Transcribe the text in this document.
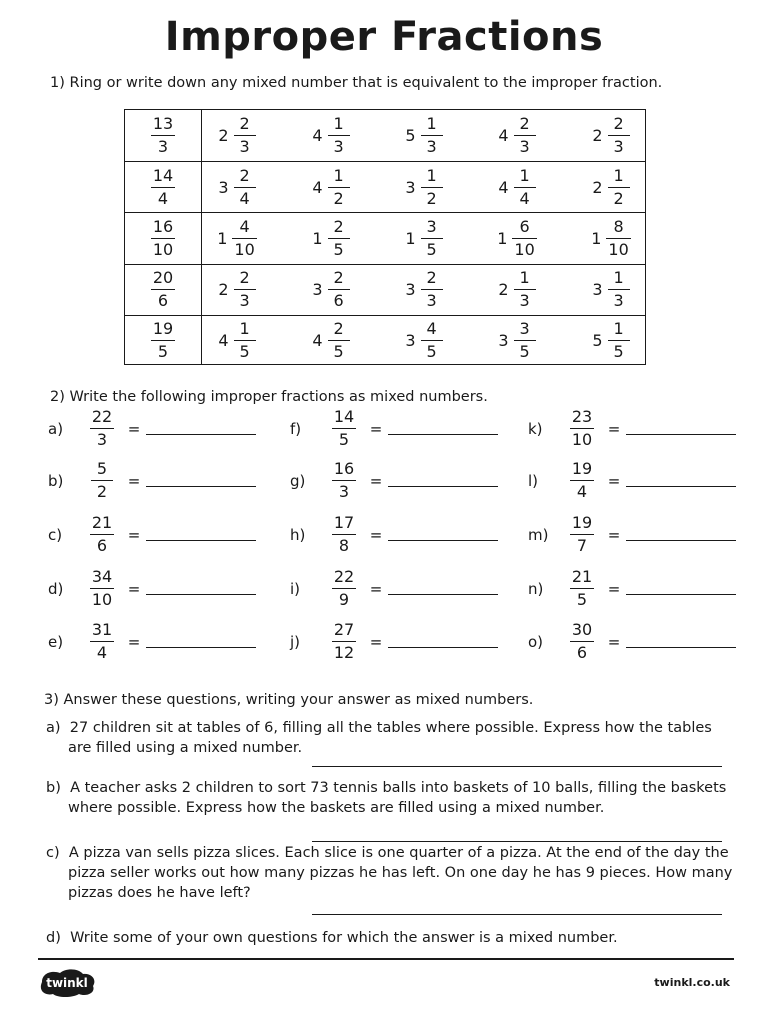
Improper Fractions
1) Ring or write down any mixed number that is equivalent to the improper fraction.
$\frac{13}{3}$	$2 \frac{2}{3}$	$4 \frac{1}{3}$	$5 \frac{1}{3}$	$4 \frac{2}{3}$	$2 \frac{2}{3}$
$\frac{14}{4}$	$3 \frac{2}{4}$	$4 \frac{1}{2}$	$3 \frac{1}{2}$	$4 \frac{1}{4}$	$2 \frac{1}{2}$
$\frac{16}{10}$	$1 \frac{4}{10}$	$1 \frac{2}{5}$	$1 \frac{3}{5}$	$1 \frac{6}{10}$	$1 \frac{8}{10}$
$\frac{20}{6}$	$2 \frac{2}{3}$	$3 \frac{2}{6}$	$3 \frac{2}{3}$	$2 \frac{1}{3}$	$3 \frac{1}{3}$
$\frac{19}{5}$	$4 \frac{1}{5}$	$4 \frac{2}{5}$	$3 \frac{4}{5}$	$3 \frac{3}{5}$	$5 \frac{1}{5}$
2) Write the following improper fractions as mixed numbers.
a)	$\frac{22}{3}$ =
b)	$\frac{5}{2}$ =
c)	$\frac{21}{6}$ =
d)	$\frac{34}{10}$ =
e)	$\frac{31}{4}$ =
f)	$\frac{14}{5}$ =
g)	$\frac{16}{3}$ =
h)	$\frac{17}{8}$ =
i)	$\frac{22}{9}$ =
j)	$\frac{27}{12}$ =
k)	$\frac{23}{10}$ =
l)	$\frac{19}{4}$ =
m)	$\frac{19}{7}$ =
n)	$\frac{21}{5}$ =
o)	$\frac{30}{6}$ =
3) Answer these questions, writing your answer as mixed numbers.
a) 27 children sit at tables of 6, filling all the tables where possible. Express how the tables
are filled using a mixed number.
b) A teacher asks 2 children to sort 73 tennis balls into baskets of 10 balls, filling the baskets
where possible. Express how the baskets are filled using a mixed number.
c) A pizza van sells pizza slices. Each slice is one quarter of a pizza. At the end of the day the
pizza seller works out how many pizzas he has left. On one day he has 9 pieces. How many
pizzas does he have left?
d) Write some of your own questions for which the answer is a mixed number.
twinkl	twinkl.co.uk
